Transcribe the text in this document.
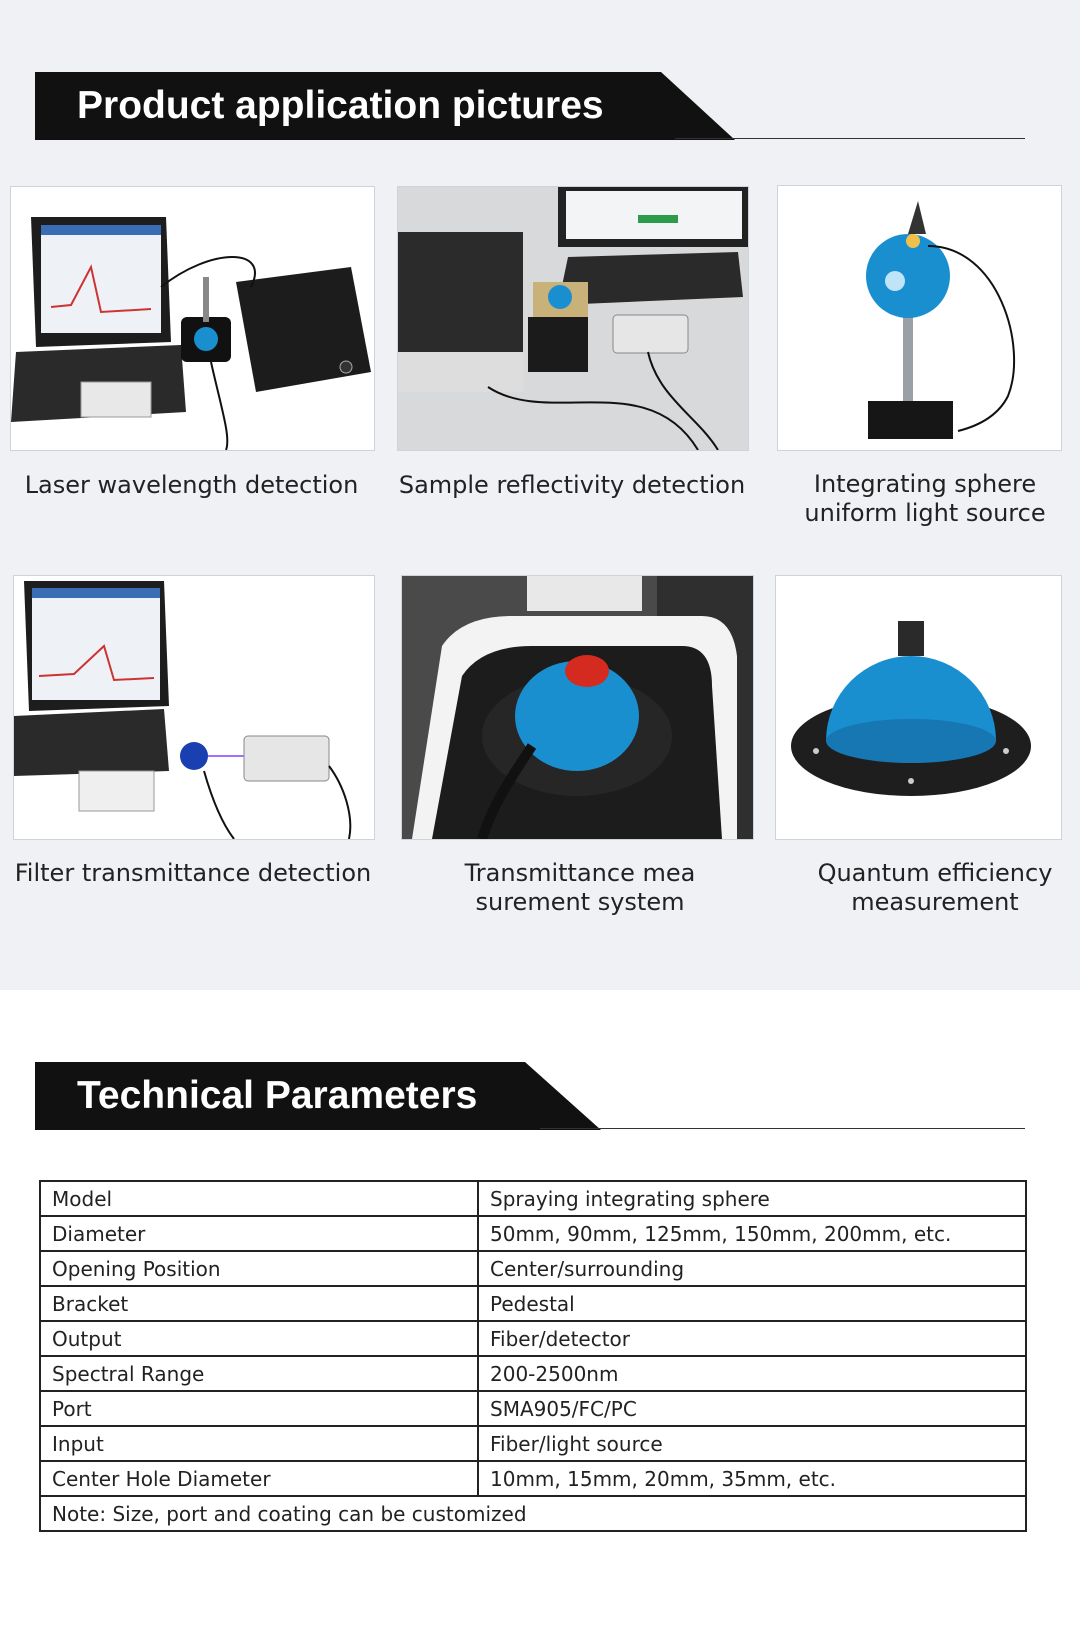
Product application pictures
Laser wavelength detection	Sample reflectivity detection	Integrating sphere uniform light source
Filter transmittance detection	Transmittance mea surement system
Quantum efficiency measurement
Technical Parameters
Model	Spraying integrating sphere
Diameter	50mm, 90mm, 125mm, 150mm, 200mm, etc.
Opening Position	Center/surrounding
Bracket	Pedestal
Output	Fiber/detector
Spectral Range	200-2500nm
Port	SMA905/FC/PC
Input	Fiber/light source
Center Hole Diameter	10mm, 15mm, 20mm, 35mm, etc.
Note: Size, port and coating can be customized	
